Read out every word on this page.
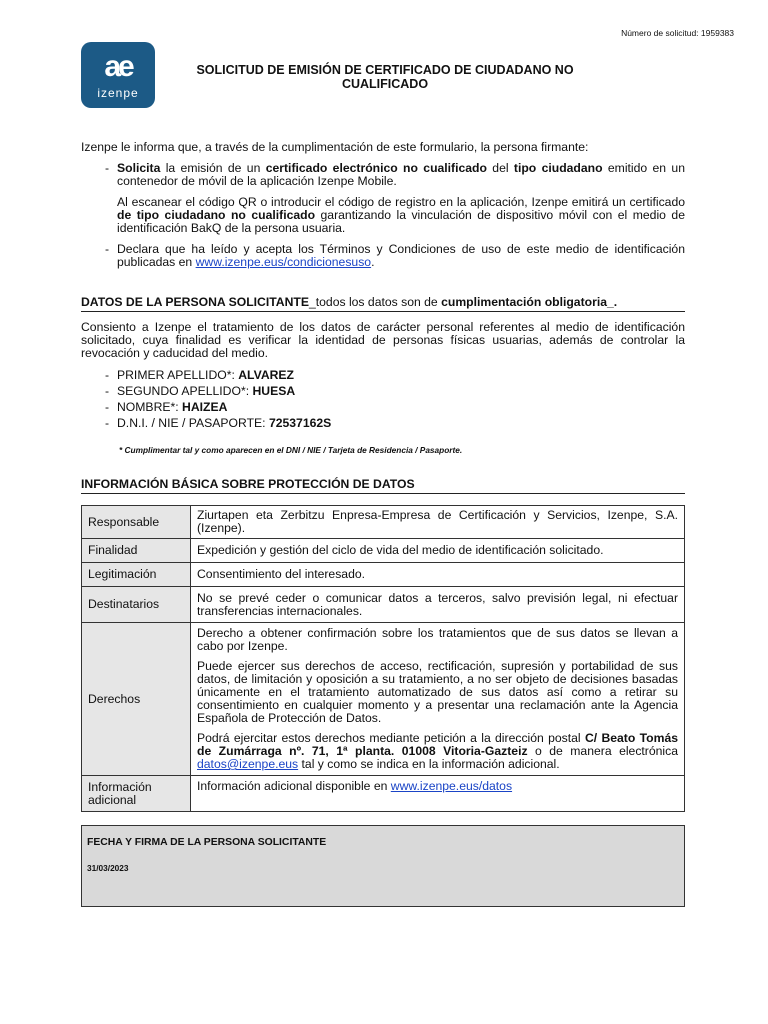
Número de solicitud: 1959383
ae
izenpe
SOLICITUD DE EMISIÓN DE CERTIFICADO DE CIUDADANO NO CUALIFICADO

Izenpe le informa que, a través de la cumplimentación de este formulario, la persona firmante:

- Solicita la emisión de un certificado electrónico no cualificado del tipo ciudadano emitido en un contenedor de móvil de la aplicación Izenpe Mobile.

Al escanear el código QR o introducir el código de registro en la aplicación, Izenpe emitirá un certificado de tipo ciudadano no cualificado garantizando la vinculación de dispositivo móvil con el medio de identificación BakQ de la persona usuaria.

- Declara que ha leído y acepta los Términos y Condiciones de uso de este medio de identificación publicadas en www.izenpe.eus/condicionesuso.

DATOS DE LA PERSONA SOLICITANTE_todos los datos son de cumplimentación obligatoria_.

Consiento a Izenpe el tratamiento de los datos de carácter personal referentes al medio de identificación solicitado, cuya finalidad es verificar la identidad de personas físicas usuarias, además de controlar la revocación y caducidad del medio.

- PRIMER APELLIDO*: ALVAREZ

- SEGUNDO APELLIDO*: HUESA

- NOMBRE*: HAIZEA

- D.N.I. / NIE / PASAPORTE: 72537162S

* Cumplimentar tal y como aparecen en el DNI / NIE / Tarjeta de Residencia / Pasaporte.

INFORMACIÓN BÁSICA SOBRE PROTECCIÓN DE DATOS
Responsable	Ziurtapen eta Zerbitzu Enpresa-Empresa de Certificación y Servicios, Izenpe, S.A. (Izenpe).
Finalidad	Expedición y gestión del ciclo de vida del medio de identificación solicitado.
Legitimación	Consentimiento del interesado.
Destinatarios	No se prevé ceder o comunicar datos a terceros, salvo previsión legal, ni efectuar transferencias internacionales.
Derechos	Derecho a obtener confirmación sobre los tratamientos que de sus datos se llevan a cabo por Izenpe.

Puede ejercer sus derechos de acceso, rectificación, supresión y portabilidad de sus datos, de limitación y oposición a su tratamiento, a no ser objeto de decisiones basadas únicamente en el tratamiento automatizado de sus datos así como a retirar su consentimiento en cualquier momento y a presentar una reclamación ante la Agencia Española de Protección de Datos.

Podrá ejercitar estos derechos mediante petición a la dirección postal C/ Beato Tomás de Zumárraga nº. 71, 1ª planta. 01008 Vitoria-Gazteiz o de manera electrónica datos@izenpe.eus tal y como se indica en la información adicional.

Información adicional	Información adicional disponible en www.izenpe.eus/datos
FECHA Y FIRMA DE LA PERSONA SOLICITANTE
31/03/2023
